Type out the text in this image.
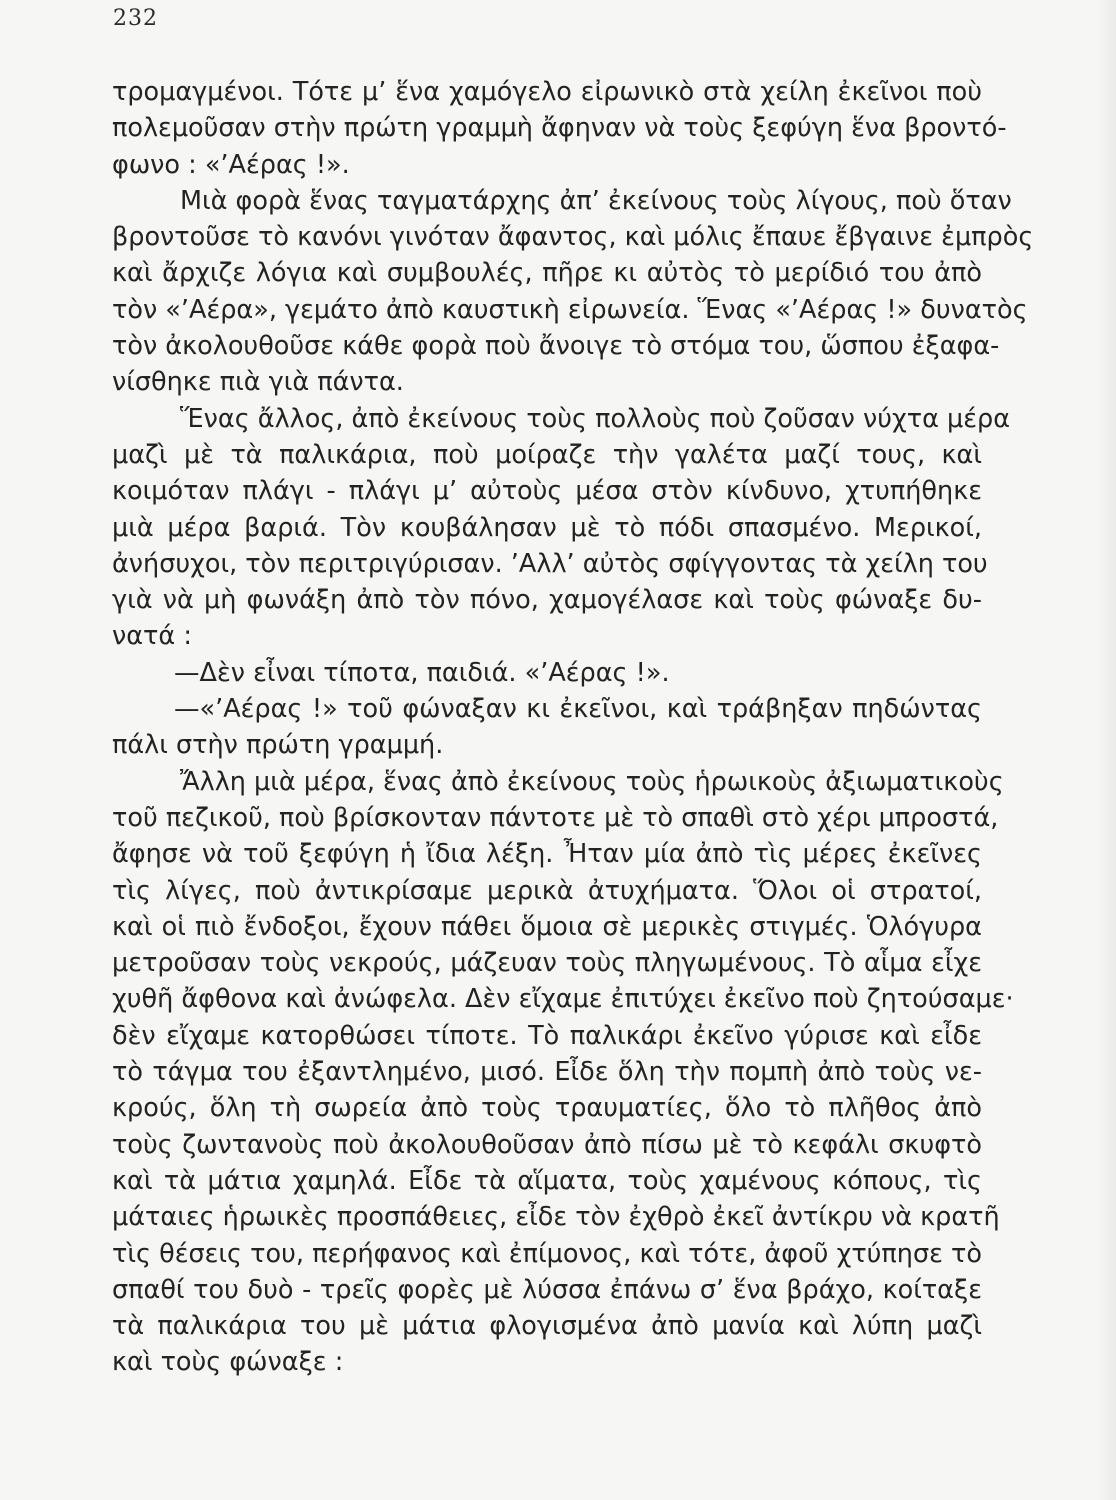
232
τρομαγμένοι. Τότε μ’ ἕνα χαμόγελο εἰρωνικὸ στὰ χείλη ἐκεῖνοι ποὺ
πολεμοῦσαν στὴν πρώτη γραμμὴ ἄφηναν νὰ τοὺς ξεφύγη ἕνα βροντό-
φωνο : «’Αέρας !».
Μιὰ φορὰ ἕνας ταγματάρχης ἀπ’ ἐκείνους τοὺς λίγους, ποὺ ὅταν
βροντοῦσε τὸ κανόνι γινόταν ἄφαντος, καὶ μόλις ἔπαυε ἔβγαινε ἐμπρὸς
καὶ ἄρχιζε λόγια καὶ συμβουλές, πῆρε κι αὐτὸς τὸ μερίδιό του ἀπὸ
τὸν «’Αέρα», γεμάτο ἀπὸ καυστικὴ εἰρωνεία. Ἕνας «’Αέρας !» δυνατὸς
τὸν ἀκολουθοῦσε κάθε φορὰ ποὺ ἄνοιγε τὸ στόμα του, ὥσπου ἐξαφα-
νίσθηκε πιὰ γιὰ πάντα.
Ἕνας ἄλλος, ἀπὸ ἐκείνους τοὺς πολλοὺς ποὺ ζοῦσαν νύχτα μέρα
μαζὶ μὲ τὰ παλικάρια, ποὺ μοίραζε τὴν γαλέτα μαζί τους, καὶ
κοιμόταν πλάγι - πλάγι μ’ αὐτοὺς μέσα στὸν κίνδυνο, χτυπήθηκε
μιὰ μέρα βαριά. Τὸν κουβάλησαν μὲ τὸ πόδι σπασμένο. Μερικοί,
ἀνήσυχοι, τὸν περιτριγύρισαν. ’Αλλ’ αὐτὸς σφίγγοντας τὰ χείλη του
γιὰ νὰ μὴ φωνάξη ἀπὸ τὸν πόνο, χαμογέλασε καὶ τοὺς φώναξε δυ-
νατά :
—Δὲν εἶναι τίποτα, παιδιά. «’Αέρας !».
—«’Αέρας !» τοῦ φώναξαν κι ἐκεῖνοι, καὶ τράβηξαν πηδώντας
πάλι στὴν πρώτη γραμμή.
Ἄλλη μιὰ μέρα, ἕνας ἀπὸ ἐκείνους τοὺς ἡρωικοὺς ἀξιωματικοὺς
τοῦ πεζικοῦ, ποὺ βρίσκονταν πάντοτε μὲ τὸ σπαθὶ στὸ χέρι μπροστά,
ἄφησε νὰ τοῦ ξεφύγη ἡ ἴδια λέξη. Ἦταν μία ἀπὸ τὶς μέρες ἐκεῖνες
τὶς λίγες, ποὺ ἀντικρίσαμε μερικὰ ἀτυχήματα. Ὅλοι οἱ στρατοί,
καὶ οἱ πιὸ ἔνδοξοι, ἔχουν πάθει ὅμοια σὲ μερικὲς στιγμές. Ὁλόγυρα
μετροῦσαν τοὺς νεκρούς, μάζευαν τοὺς πληγωμένους. Τὸ αἷμα εἶχε
χυθῆ ἄφθονα καὶ ἀνώφελα. Δὲν εἴχαμε ἐπιτύχει ἐκεῖνο ποὺ ζητούσαμε·
δὲν εἴχαμε κατορθώσει τίποτε. Τὸ παλικάρι ἐκεῖνο γύρισε καὶ εἶδε
τὸ τάγμα του ἐξαντλημένο, μισό. Εἶδε ὅλη τὴν πομπὴ ἀπὸ τοὺς νε-
κρούς, ὅλη τὴ σωρεία ἀπὸ τοὺς τραυματίες, ὅλο τὸ πλῆθος ἀπὸ
τοὺς ζωντανοὺς ποὺ ἀκολουθοῦσαν ἀπὸ πίσω μὲ τὸ κεφάλι σκυφτὸ
καὶ τὰ μάτια χαμηλά. Εἶδε τὰ αἵματα, τοὺς χαμένους κόπους, τὶς
μάταιες ἡρωικὲς προσπάθειες, εἶδε τὸν ἐχθρὸ ἐκεῖ ἀντίκρυ νὰ κρατῆ
τὶς θέσεις του, περήφανος καὶ ἐπίμονος, καὶ τότε, ἀφοῦ χτύπησε τὸ
σπαθί του δυὸ - τρεῖς φορὲς μὲ λύσσα ἐπάνω σ’ ἕνα βράχο, κοίταξε
τὰ παλικάρια του μὲ μάτια φλογισμένα ἀπὸ μανία καὶ λύπη μαζὶ
καὶ τοὺς φώναξε :
